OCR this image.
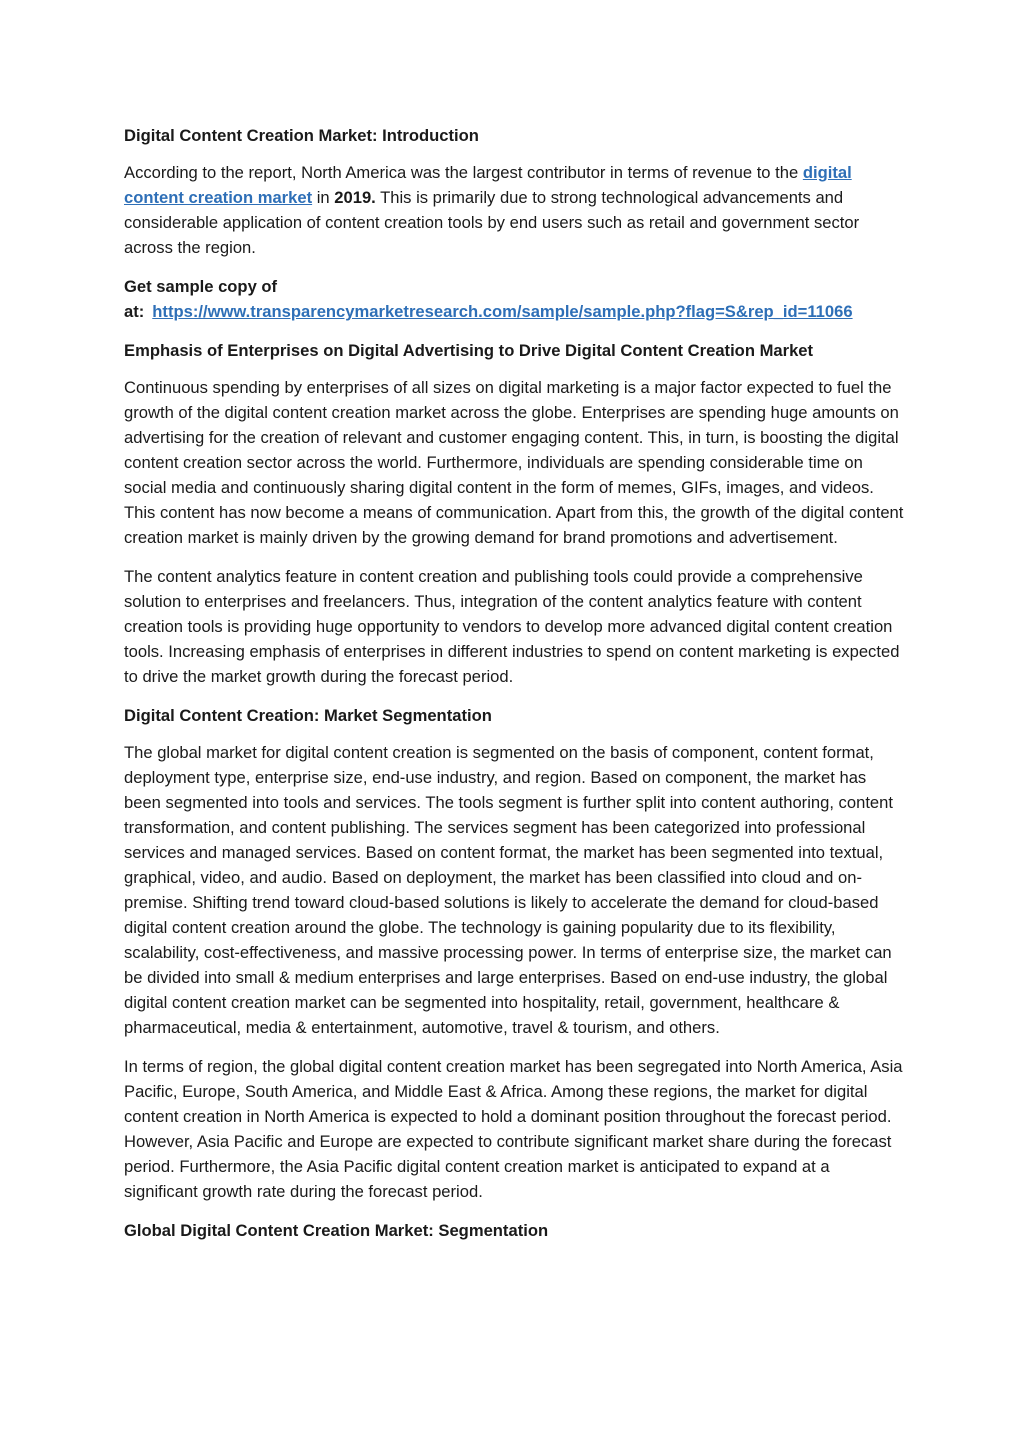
Digital Content Creation Market: Introduction

According to the report, North America was the largest contributor in terms of revenue to the digital content creation market in 2019. This is primarily due to strong technological advancements and considerable application of content creation tools by end users such as retail and government sector across the region.

Get sample copy of
at: https://www.transparencymarketresearch.com/sample/sample.php?flag=S&rep_id=11066
Emphasis of Enterprises on Digital Advertising to Drive Digital Content Creation Market

Continuous spending by enterprises of all sizes on digital marketing is a major factor expected to fuel the growth of the digital content creation market across the globe. Enterprises are spending huge amounts on advertising for the creation of relevant and customer engaging content. This, in turn, is boosting the digital content creation sector across the world. Furthermore, individuals are spending considerable time on social media and continuously sharing digital content in the form of memes, GIFs, images, and videos. This content has now become a means of communication. Apart from this, the growth of the digital content creation market is mainly driven by the growing demand for brand promotions and advertisement.

The content analytics feature in content creation and publishing tools could provide a comprehensive solution to enterprises and freelancers. Thus, integration of the content analytics feature with content creation tools is providing huge opportunity to vendors to develop more advanced digital content creation tools. Increasing emphasis of enterprises in different industries to spend on content marketing is expected to drive the market growth during the forecast period.

Digital Content Creation: Market Segmentation

The global market for digital content creation is segmented on the basis of component, content format, deployment type, enterprise size, end-use industry, and region. Based on component, the market has been segmented into tools and services. The tools segment is further split into content authoring, content transformation, and content publishing. The services segment has been categorized into professional services and managed services. Based on content format, the market has been segmented into textual, graphical, video, and audio. Based on deployment, the market has been classified into cloud and on-premise. Shifting trend toward cloud-based solutions is likely to accelerate the demand for cloud-based digital content creation around the globe. The technology is gaining popularity due to its flexibility, scalability, cost-effectiveness, and massive processing power. In terms of enterprise size, the market can be divided into small & medium enterprises and large enterprises. Based on end-use industry, the global digital content creation market can be segmented into hospitality, retail, government, healthcare & pharmaceutical, media & entertainment, automotive, travel & tourism, and others.

In terms of region, the global digital content creation market has been segregated into North America, Asia Pacific, Europe, South America, and Middle East & Africa. Among these regions, the market for digital content creation in North America is expected to hold a dominant position throughout the forecast period. However, Asia Pacific and Europe are expected to contribute significant market share during the forecast period. Furthermore, the Asia Pacific digital content creation market is anticipated to expand at a significant growth rate during the forecast period.

Global Digital Content Creation Market: Segmentation
